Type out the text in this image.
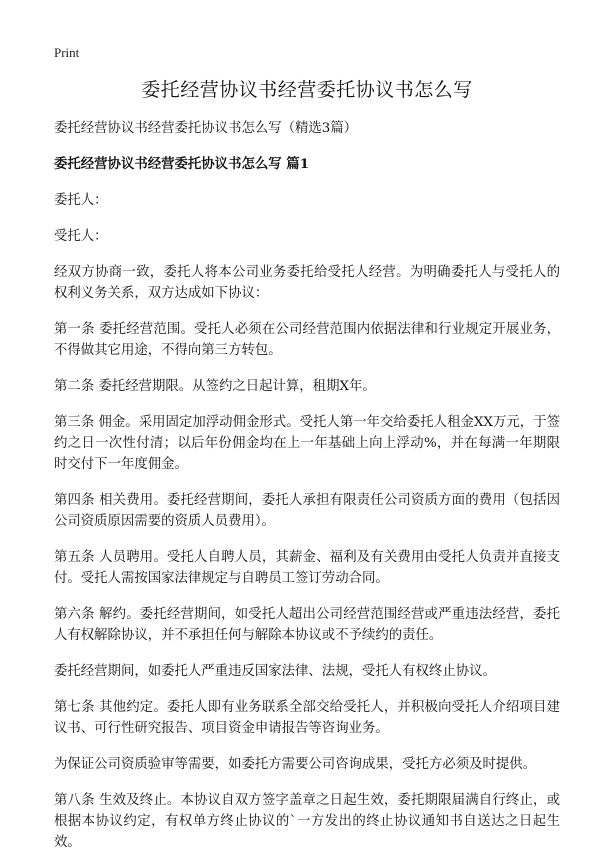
Print
委托经营协议书经营委托协议书怎么写

委托经营协议书经营委托协议书怎么写（精选3篇）

委托经营协议书经营委托协议书怎么写 篇1

委托人：

受托人：

经双方协商一致，委托人将本公司业务委托给受托人经营。为明确委托人与受托人的权利义务关系，双方达成如下协议：

第一条 委托经营范围。受托人必须在公司经营范围内依据法律和行业规定开展业务，不得做其它用途，不得向第三方转包。

第二条 委托经营期限。从签约之日起计算，租期X年。

第三条 佣金。采用固定加浮动佣金形式。受托人第一年交给委托人租金XX万元，于签约之日一次性付清；以后年份佣金均在上一年基础上向上浮动%，并在每满一年期限时交付下一年度佣金。

第四条 相关费用。委托经营期间，委托人承担有限责任公司资质方面的费用（包括因公司资质原因需要的资质人员费用）。

第五条 人员聘用。受托人自聘人员，其薪金、福利及有关费用由受托人负责并直接支付。受托人需按国家法律规定与自聘员工签订劳动合同。

第六条 解约。委托经营期间，如受托人超出公司经营范围经营或严重违法经营，委托人有权解除协议，并不承担任何与解除本协议或不予续约的责任。

委托经营期间，如委托人严重违反国家法律、法规，受托人有权终止协议。

第七条 其他约定。委托人即有业务联系全部交给受托人，并积极向受托人介绍项目建议书、可行性研究报告、项目资金申请报告等咨询业务。

为保证公司资质验审等需要，如委托方需要公司咨询成果，受托方必须及时提供。

第八条 生效及终止。本协议自双方签字盖章之日起生效，委托期限届满自行终止，或根据本协议约定，有权单方终止协议的`一方发出的终止协议通知书自送达之日起生效。
